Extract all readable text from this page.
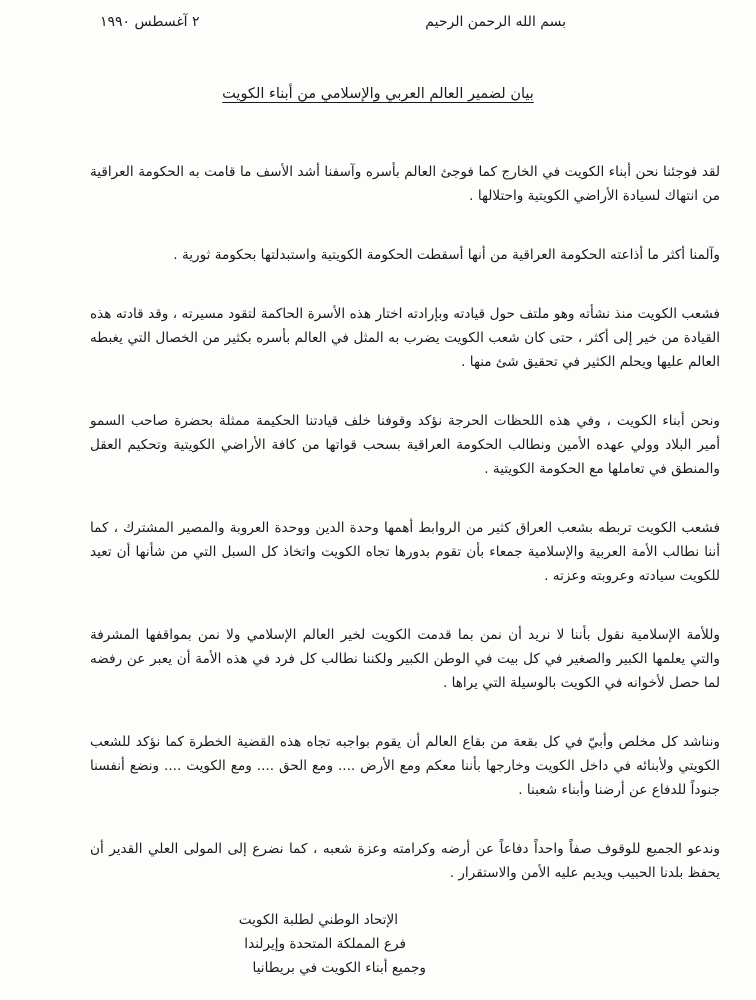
٢ آغسطس ١٩٩٠	بسم الله الرحمن الرحيم
بيان لضمير العالم العربي والإسلامي من أبناء الكويت

لقد فوجئنا نحن أبناء الكويت في الخارج كما فوجئ العالم بأسره وآسفنا أشد الأسف ما قامت به الحكومة العراقية من انتهاك لسيادة الأراضي الكويتية واحتلالها .

وآلمنا أكثر ما أذاعته الحكومة العراقية من أنها أسقطت الحكومة الكويتية واستبدلتها بحكومة ثورية .

فشعب الكويت منذ نشأته وهو ملتف حول قيادته وبإرادته اختار هذه الأسرة الحاكمة لتقود مسيرته ، وقد قادته هذه القيادة من خير إلى أكثر ، حتى كان شعب الكويت يضرب به المثل في العالم بأسره بكثير من الخصال التي يغبطه العالم عليها ويحلم الكثير في تحقيق شئ منها .

ونحن أبناء الكويت ، وفي هذه اللحظات الحرجة نؤكد وقوفنا خلف قيادتنا الحكيمة ممثلة بحضرة صاحب السمو أمير البلاد وولي عهده الأمين ونطالب الحكومة العراقية بسحب قواتها من كافة الأراضي الكويتية وتحكيم العقل والمنطق في تعاملها مع الحكومة الكويتية .

فشعب الكويت تربطه بشعب العراق كثير من الروابط أهمها وحدة الدين ووحدة العروبة والمصير المشترك ، كما أننا نطالب الأمة العربية والإسلامية جمعاء بأن تقوم بدورها تجاه الكويت واتخاذ كل السبل التي من شأنها أن تعيد للكويت سيادته وعروبته وعزته .

وللأمة الإسلامية نقول بأننا لا نريد أن نمن بما قدمت الكويت لخير العالم الإسلامي ولا نمن بمواقفها المشرفة والتي يعلمها الكبير والصغير في كل بيت في الوطن الكبير ولكننا نطالب كل فرد في هذه الأمة أن يعبر عن رفضه لما حصل لأخوانه في الكويت بالوسيلة التي يراها .

ونناشد كل مخلص وأبيّ في كل بقعة من بقاع العالم أن يقوم بواجبه تجاه هذه القضية الخطرة كما نؤكد للشعب الكويتي ولأبنائه في داخل الكويت وخارجها بأننا معكم ومع الأرض .... ومع الحق .... ومع الكويت .... ونضع أنفسنا جنوداً للدفاع عن أرضنا وأبناء شعبنا .

وندعو الجميع للوقوف صفاً واحداً دفاعاً عن أرضه وكرامته وعزة شعبه ، كما نضرع إلى المولى العلي القدير أن يحفظ بلدنا الحبيب ويديم عليه الأمن والاستقرار .

الإتحاد الوطني لطلبة الكويت
فرع المملكة المتحدة وإيرلندا
وجميع أبناء الكويت في بريطانيا
